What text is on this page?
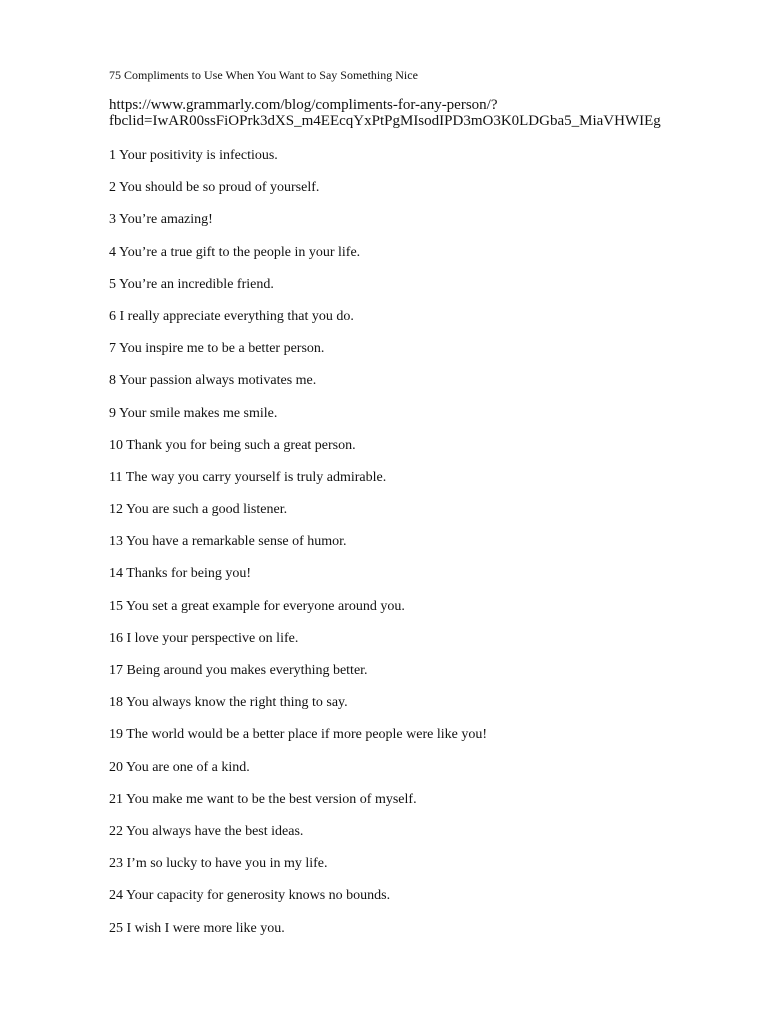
75 Compliments to Use When You Want to Say Something Nice
https://www.grammarly.com/blog/compliments-for-any-person/?
fbclid=IwAR00ssFiOPrk3dXS_m4EEcqYxPtPgMIsodIPD3mO3K0LDGba5_MiaVHWIEg
1 Your positivity is infectious.
2 You should be so proud of yourself.
3 You’re amazing!
4 You’re a true gift to the people in your life.
5 You’re an incredible friend.
6 I really appreciate everything that you do.
7 You inspire me to be a better person.
8 Your passion always motivates me.
9 Your smile makes me smile.
10 Thank you for being such a great person.
11 The way you carry yourself is truly admirable.
12 You are such a good listener.
13 You have a remarkable sense of humor.
14 Thanks for being you!
15 You set a great example for everyone around you.
16 I love your perspective on life.
17 Being around you makes everything better.
18 You always know the right thing to say.
19 The world would be a better place if more people were like you!
20 You are one of a kind.
21 You make me want to be the best version of myself.
22 You always have the best ideas.
23 I’m so lucky to have you in my life.
24 Your capacity for generosity knows no bounds.
25 I wish I were more like you.
